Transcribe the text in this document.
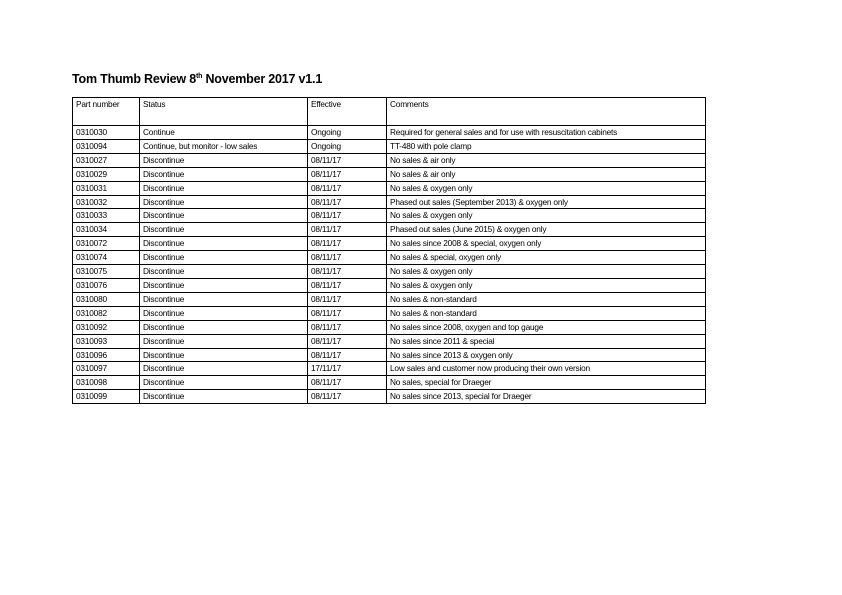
Tom Thumb Review 8th November 2017 v1.1
Part number	Status	Effective	Comments
0310030	Continue	Ongoing	Required for general sales and for use with resuscitation cabinets
0310094	Continue, but monitor - low sales	Ongoing	TT-480 with pole clamp
0310027	Discontinue	08/11/17	No sales & air only
0310029	Discontinue	08/11/17	No sales & air only
0310031	Discontinue	08/11/17	No sales & oxygen only
0310032	Discontinue	08/11/17	Phased out sales (September 2013) & oxygen only
0310033	Discontinue	08/11/17	No sales & oxygen only
0310034	Discontinue	08/11/17	Phased out sales (June 2015) & oxygen only
0310072	Discontinue	08/11/17	No sales since 2008 & special, oxygen only
0310074	Discontinue	08/11/17	No sales & special, oxygen only
0310075	Discontinue	08/11/17	No sales & oxygen only
0310076	Discontinue	08/11/17	No sales & oxygen only
0310080	Discontinue	08/11/17	No sales & non-standard
0310082	Discontinue	08/11/17	No sales & non-standard
0310092	Discontinue	08/11/17	No sales since 2008, oxygen and top gauge
0310093	Discontinue	08/11/17	No sales since 2011 & special
0310096	Discontinue	08/11/17	No sales since 2013 & oxygen only
0310097	Discontinue	17/11/17	Low sales and customer now producing their own version
0310098	Discontinue	08/11/17	No sales, special for Draeger
0310099	Discontinue	08/11/17	No sales since 2013, special for Draeger
